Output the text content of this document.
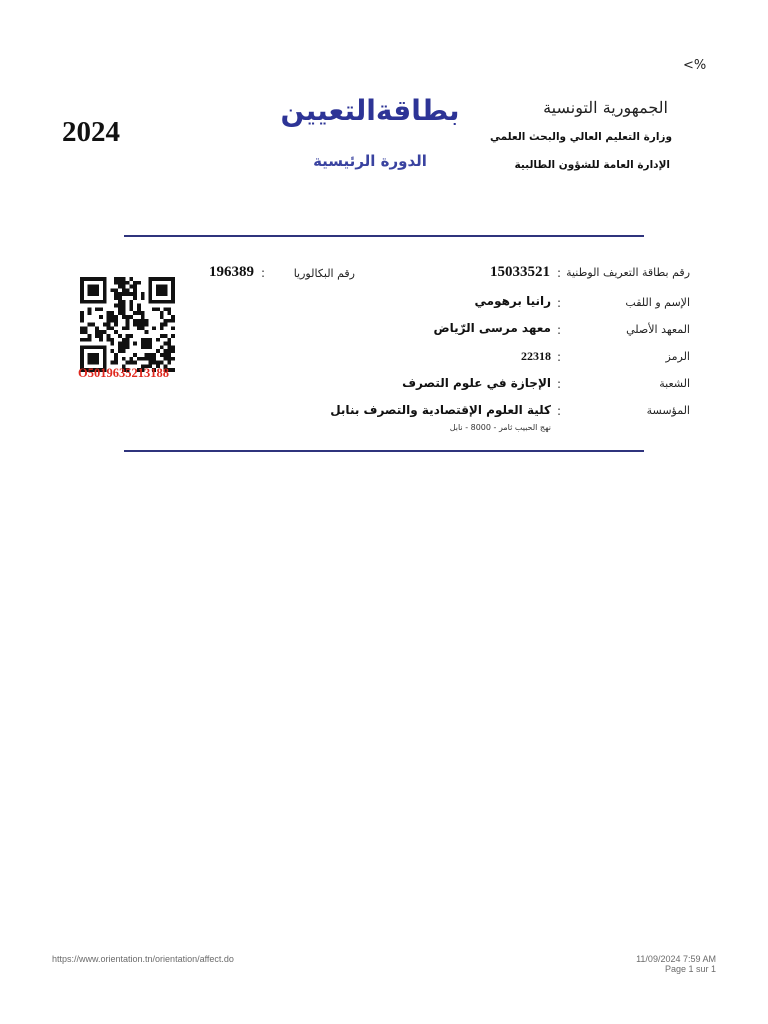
<%
2024
بطاقةالتعيين
الدورة الرئيسية
الجمهورية التونسية
وزارة التعليم العالي والبحث العلمي
الإدارة العامة للشؤون الطالبية
رقم بطاقة التعريف الوطنية
:
15033521
رقم البكالوريا
:
196389
الإسم و اللقب
:
رانيا برهومي
المعهد الأصلي
:
معهد مرسى الرّياض
الرمز
:
22318
الشعبة
:
الإجازة في علوم التصرف
المؤسسة
:
كلية العلوم الإقتصادية والتصرف بنابل
نهج الحبيب ثامر - 8000 - نابل
O5019635213188
https://www.orientation.tn/orientation/affect.do	11/09/2024 7:59 AM
Page 1 sur 1
